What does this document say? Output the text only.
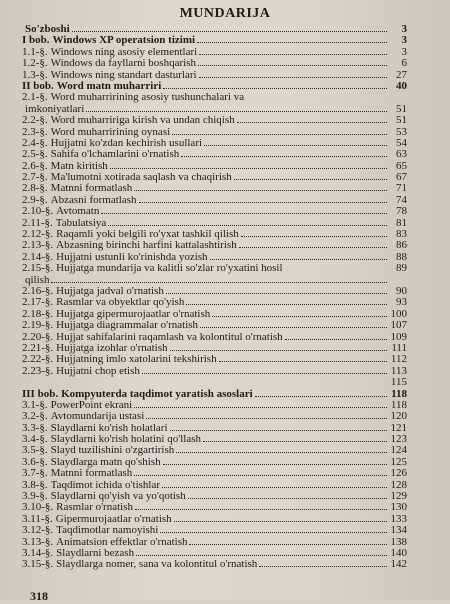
MUNDARIJA
So'zboshi	3
I bob. Windows XP operatsion tizimi	3
1.1-§. Windows ning asosiy elementlari	3
1.2-§. Windows da fayllarni boshqarish	6
1.3-§. Windows ning standart dasturlari	27
II bob. Word matn muharriri	40
2.1-§. Word muharririning asosiy tushunchalari va
imkoniyatlari	51
2.2-§. Word muharririga kirish va undan chiqish	51
2.3-§. Word muharririning oynasi	53
2.4-§. Hujjatni ko'zdan kechirish usullari	54
2.5-§. Sahifa o'lchamlarini o'rnatish	63
2.6-§. Matn kiritish	65
2.7-§. Ma'lumotni xotirada saqlash va chaqirish	67
2.8-§. Matnni formatlash	71
2.9-§. Abzasni formatlash	74
2.10-§. Avtomatn	78
2.11-§. Tabulatsiya	81
2.12-§. Raqamli yoki belgili ro'yxat tashkil qilish	83
2.13-§. Abzasning birinchi harfini kattalashtirish	86
2.14-§. Hujjatni ustunli ko'rinishda yozish	88
2.15-§. Hujjatga mundarija va kalitli so'zlar ro'yxatini hosil	89
qilish
2.16-§. Hujjatga jadval o'rnatish	90
2.17-§. Rasmlar va obyektlar qo'yish	93
2.18-§. Hujjatga gipermurojaatlar o'rnatish	100
2.19-§. Hujjatga diagrammalar o'rnatish	107
2.20-§. Hujjat sahifalarini raqamlash va kolontitul o'rnatish	109
2.21-§. Hujjatga izohlar o'rnatish	111
2.22-§. Hujjatning imlo xatolarini tekshirish	112
2.23-§. Hujjatni chop etish	113
115
III bob. Kompyuterda taqdimot yaratish asoslari	118
3.1-§. PowerPoint ekrani	118
3.2-§. Avtomundarija ustasi	120
3.3-§. Slaydlarni ko'rish holatlari	121
3.4-§. Slaydlarni ko'rish holatini qo'llash	123
3.5-§. Slayd tuzilishini o'zgartirish	124
3.6-§. Slaydlarga matn qo'shish	125
3.7-§. Matnni formatlash	126
3.8-§. Taqdimot ichida o'tishlar	128
3.9-§. Slaydlarni qo'yish va yo'qotish	129
3.10-§. Rasmlar o'rnatish	130
3.11-§. Gipermurojaatlar o'rnatish	133
3.12-§. Taqdimotlar namoyishi	134
3.13-§. Animatsion effektlar o'rnatish	138
3.14-§. Slaydlarni bezash	140
3.15-§. Slaydlarga nomer, sana va kolontitul o'rnatish	142
318
